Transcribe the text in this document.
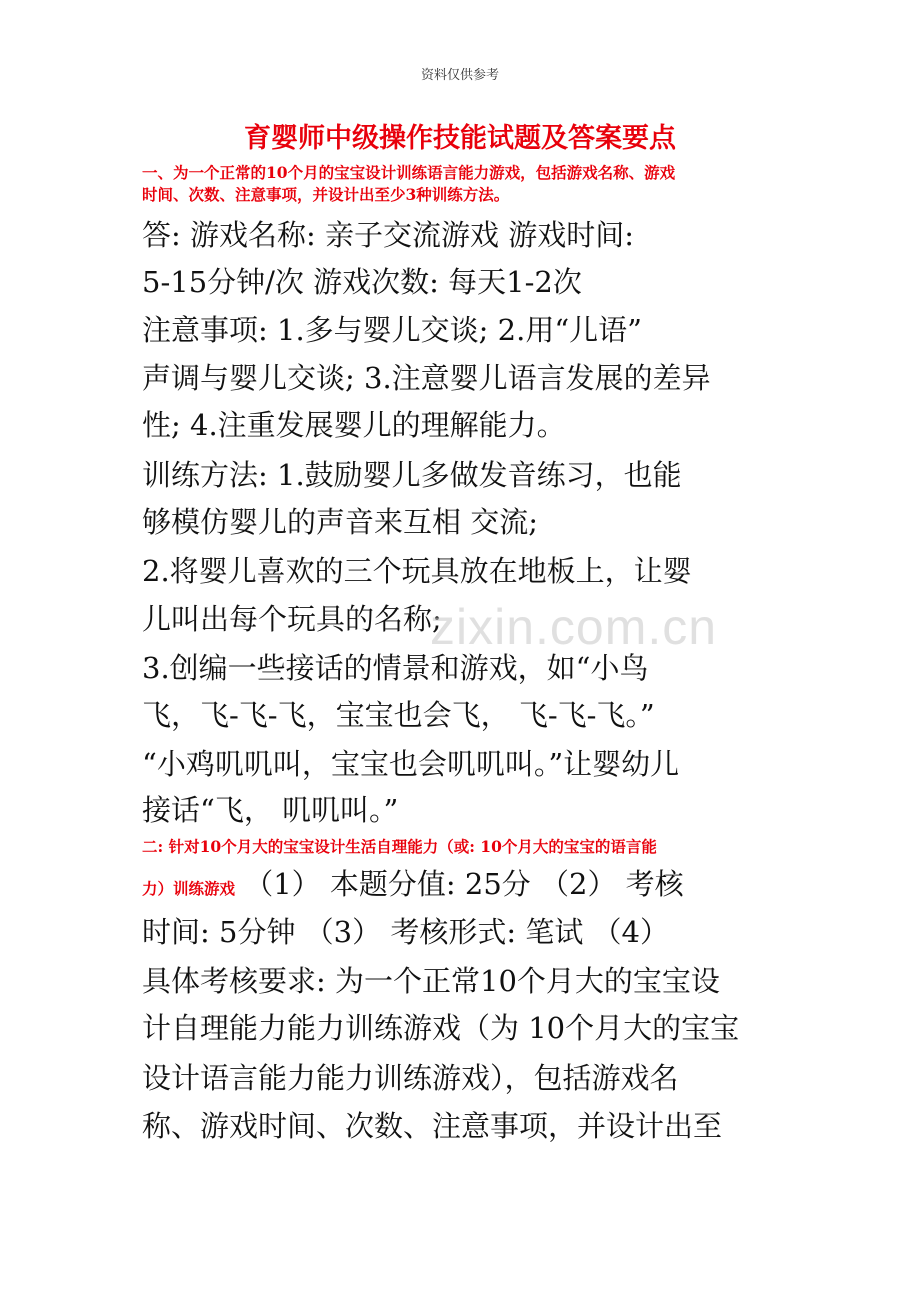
资料仅供参考
育婴师中级操作技能试题及答案要点

一、为一个正常的10个月的宝宝设计训练语言能力游戏，包括游戏名称、游戏
时间、次数、注意事项，并设计出至少3种训练方法。

答: 游戏名称: 亲子交流游戏 游戏时间:

5-15分钟/次 游戏次数: 每天1-2次

注意事项: 1.多与婴儿交谈; 2.用“儿语”

声调与婴儿交谈; 3.注意婴儿语言发展的差异

性; 4.注重发展婴儿的理解能力。

训练方法: 1.鼓励婴儿多做发音练习，也能

够模仿婴儿的声音来互相 交流;

2.将婴儿喜欢的三个玩具放在地板上，让婴

儿叫出每个玩具的名称;

3.创编一些接话的情景和游戏，如“小鸟

飞，飞-飞-飞，宝宝也会飞， 飞-飞-飞。”

“小鸡叽叽叫，宝宝也会叽叽叫。”让婴幼儿

接话“飞， 叽叽叫。”

二: 针对10个月大的宝宝设计生活自理能力（或: 10个月大的宝宝的语言能

力）训练游戏 （1） 本题分值: 25分 （2） 考核

时间: 5分钟 （3） 考核形式: 笔试 （4）

具体考核要求: 为一个正常10个月大的宝宝设

计自理能力能力训练游戏（为 10个月大的宝宝

设计语言能力能力训练游戏），包括游戏名

称、游戏时间、次数、注意事项，并设计出至

zixin.com.cn
